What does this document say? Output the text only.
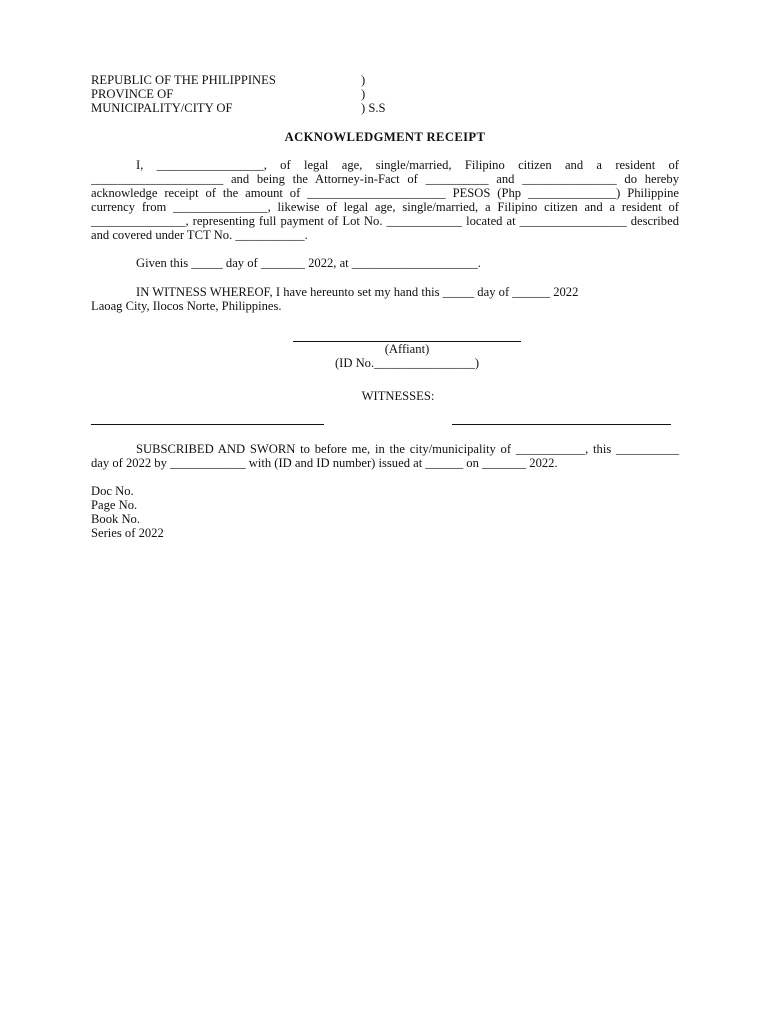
REPUBLIC OF THE PHILIPPINES	)
PROVINCE OF	)
MUNICIPALITY/CITY OF	) S.S
ACKNOWLEDGMENT RECEIPT
I, _________________, of legal age, single/married, Filipino citizen and a resident of _____________________ and being the Attorney-in-Fact of __________ and _______________ do hereby acknowledge receipt of the amount of ______________________ PESOS (Php ______________) Philippine currency from _______________, likewise of legal age, single/married, a Filipino citizen and a resident of _______________, representing full payment of Lot No. ____________ located at _________________ described and covered under TCT No. ___________.
Given this _____ day of _______ 2022, at ____________________.
IN WITNESS WHEREOF, I have hereunto set my hand this _____ day of ______ 2022
Laoag City, Ilocos Norte, Philippines.
(Affiant)
(ID No.________________)
WITNESSES:
SUBSCRIBED AND SWORN to before me, in the city/municipality of ___________, this __________ day of 2022 by ____________ with (ID and ID number) issued at ______ on _______ 2022.
Doc No.
Page No.
Book No.
Series of 2022
